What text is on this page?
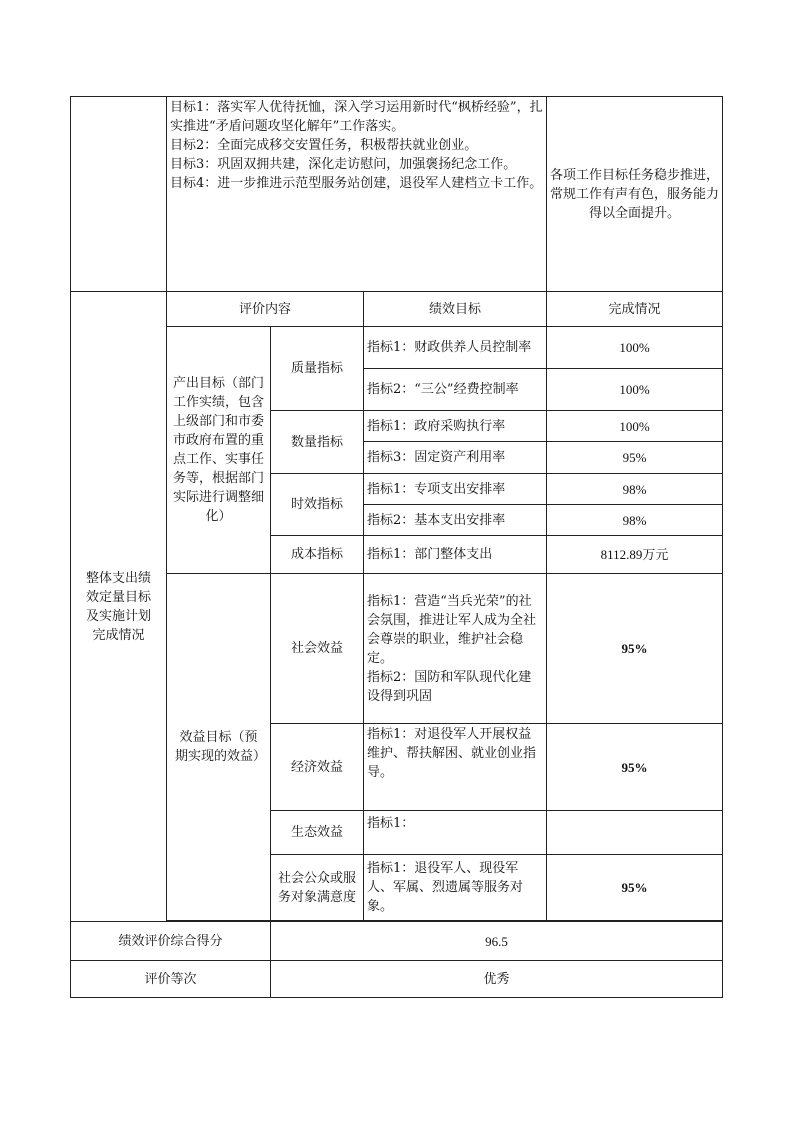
	目标1：落实军人优待抚恤，深入学习运用新时代“枫桥经验”，扎实推进“矛盾问题攻坚化解年”工作落实。
目标2：全面完成移交安置任务，积极帮扶就业创业。
目标3：巩固双拥共建，深化走访慰问，加强褒扬纪念工作。
目标4：进一步推进示范型服务站创建，退役军人建档立卡工作。			各项工作目标任务稳步推进，常规工作有声有色，服务能力得以全面提升。
整体支出绩效定量目标及实施计划完成情况	评价内容		绩效目标	完成情况
	产出目标（部门工作实绩，包含上级部门和市委市政府布置的重点工作、实事任务等，根据部门实际进行调整细化）	质量指标	指标1：财政供养人员控制率	100%
			指标2：“三公”经费控制率	100%
		数量指标	指标1：政府采购执行率	100%
			指标3：固定资产利用率	95%
		时效指标	指标1：专项支出安排率	98%
			指标2：基本支出安排率	98%
		成本指标	指标1：部门整体支出	8112.89万元
	效益目标（预期实现的效益）	社会效益	指标1：营造“当兵光荣”的社会氛围，推进让军人成为全社会尊崇的职业，维护社会稳定。
指标2：国防和军队现代化建设得到巩固	95%
		经济效益	指标1：对退役军人开展权益维护、帮扶解困、就业创业指导。	95%
		生态效益	指标1：	
		社会公众或服务对象满意度	指标1：退役军人、现役军人、军属、烈遗属等服务对象。	95%

绩效评价综合得分		96.5		
评价等次		优秀		
